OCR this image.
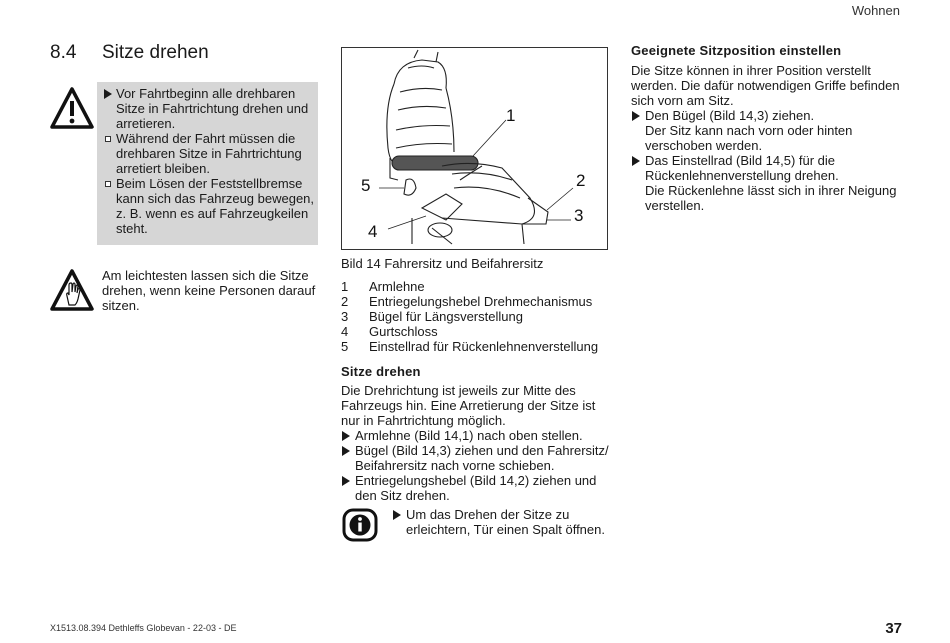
Wohnen
8.4 Sitze drehen
Vor Fahrtbeginn alle drehbaren Sitze in Fahrtrichtung drehen und arretieren.
Während der Fahrt müssen die drehbaren Sitze in Fahrtrichtung arretiert bleiben.
Beim Lösen der Feststellbremse kann sich das Fahrzeug bewegen, z. B. wenn es auf Fahrzeugkeilen steht.
Am leichtesten lassen sich die Sitze drehen, wenn keine Personen darauf sitzen.
1
2
3
4
5
Bild 14 Fahrersitz und Beifahrersitz
1	Armlehne
2	Entriegelungshebel Drehmechanismus
3	Bügel für Längsverstellung
4	Gurtschloss
5	Einstellrad für Rückenlehnenverstellung
Sitze drehen
Die Drehrichtung ist jeweils zur Mitte des Fahrzeugs hin. Eine Arretierung der Sitze ist nur in Fahrtrichtung möglich.
Armlehne (Bild 14,1) nach oben stellen.
Bügel (Bild 14,3) ziehen und den Fahrersitz/ Beifahrersitz nach vorne schieben.
Entriegelungshebel (Bild 14,2) ziehen und den Sitz drehen.
Um das Drehen der Sitze zu erleichtern, Tür einen Spalt öffnen.
Geeignete Sitzposition einstellen
Die Sitze können in ihrer Position verstellt werden. Die dafür notwendigen Griffe befinden sich vorn am Sitz.
Den Bügel (Bild 14,3) ziehen.
Der Sitz kann nach vorn oder hinten verschoben werden.
Das Einstellrad (Bild 14,5) für die Rückenlehnenverstellung drehen.
Die Rückenlehne lässt sich in ihrer Neigung verstellen.
X1513.08.394 Dethleffs Globevan - 22-03 - DE	37
